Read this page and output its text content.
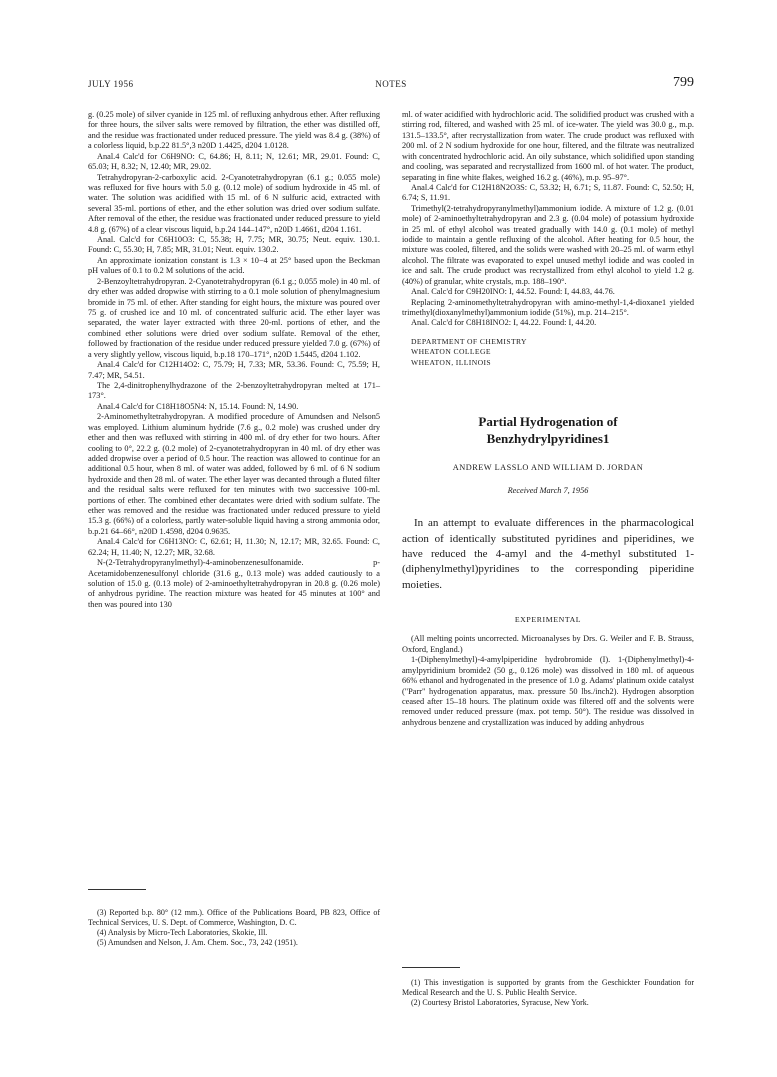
JULY 1956	NOTES	799

g. (0.25 mole) of silver cyanide in 125 ml. of refluxing anhydrous ether. After refluxing for three hours, the silver salts were removed by filtration, the ether was distilled off, and the residue was fractionated under reduced pressure. The yield was 8.4 g. (38%) of a colorless liquid, b.p.22 81.5°,3 n20D 1.4425, d204 1.0128.

Anal.4 Calc'd for C6H9NO: C, 64.86; H, 8.11; N, 12.61; MR, 29.01. Found: C, 65.03; H, 8.32; N, 12.40; MR, 29.02.

Tetrahydropyran-2-carboxylic acid. 2-Cyanotetrahydropyran (6.1 g.; 0.055 mole) was refluxed for five hours with 5.0 g. (0.12 mole) of sodium hydroxide in 45 ml. of water. The solution was acidified with 15 ml. of 6 N sulfuric acid, extracted with several 35-ml. portions of ether, and the ether solution was dried over sodium sulfate. After removal of the ether, the residue was fractionated under reduced pressure to yield 4.8 g. (67%) of a clear viscous liquid, b.p.24 144–147°, n20D 1.4661, d204 1.161.

Anal. Calc'd for C6H10O3: C, 55.38; H, 7.75; MR, 30.75; Neut. equiv. 130.1. Found: C, 55.30; H, 7.85; MR, 31.01; Neut. equiv. 130.2.

An approximate ionization constant is 1.3 × 10−4 at 25° based upon the Beckman pH values of 0.1 to 0.2 M solutions of the acid.

2-Benzoyltetrahydropyran. 2-Cyanotetrahydropyran (6.1 g.; 0.055 mole) in 40 ml. of dry ether was added dropwise with stirring to a 0.1 mole solution of phenylmagnesium bromide in 75 ml. of ether. After standing for eight hours, the mixture was poured over 75 g. of crushed ice and 10 ml. of concentrated sulfuric acid. The ether layer was separated, the water layer extracted with three 20-ml. portions of ether, and the combined ether solutions were dried over sodium sulfate. Removal of the ether, followed by fractionation of the residue under reduced pressure yielded 7.0 g. (67%) of a very slightly yellow, viscous liquid, b.p.18 170–171°, n20D 1.5445, d204 1.102.

Anal.4 Calc'd for C12H14O2: C, 75.79; H, 7.33; MR, 53.36. Found: C, 75.59; H, 7.47; MR, 54.51.

The 2,4-dinitrophenylhydrazone of the 2-benzoyltetrahydropyran melted at 171–173°.

Anal.4 Calc'd for C18H18O5N4: N, 15.14. Found: N, 14.90.

2-Aminomethyltetrahydropyran. A modified procedure of Amundsen and Nelson5 was employed. Lithium aluminum hydride (7.6 g., 0.2 mole) was crushed under dry ether and then was refluxed with stirring in 400 ml. of dry ether for two hours. After cooling to 0°, 22.2 g. (0.2 mole) of 2-cyanotetrahydropyran in 40 ml. of dry ether was added dropwise over a period of 0.5 hour. The reaction was allowed to continue for an additional 0.5 hour, when 8 ml. of water was added, followed by 6 ml. of 6 N sodium hydroxide and then 28 ml. of water. The ether layer was decanted through a fluted filter and the residual salts were refluxed for ten minutes with two successive 100-ml. portions of ether. The combined ether decantates were dried with sodium sulfate. The ether was removed and the residue was fractionated under reduced pressure to yield 15.3 g. (66%) of a colorless, partly water-soluble liquid having a strong ammonia odor, b.p.21 64–66°, n20D 1.4598, d204 0.9635.

Anal.4 Calc'd for C6H13NO: C, 62.61; H, 11.30; N, 12.17; MR, 32.65. Found: C, 62.24; H, 11.40; N, 12.27; MR, 32.68.

N-(2-Tetrahydropyranylmethyl)-4-aminobenzenesulfonamide. p-Acetamidobenzenesulfonyl chloride (31.6 g., 0.13 mole) was added cautiously to a solution of 15.0 g. (0.13 mole) of 2-aminoethyltetrahydropyran in 20.8 g. (0.26 mole) of anhydrous pyridine. The reaction mixture was heated for 45 minutes at 100° and then was poured into 130

(3) Reported b.p. 80° (12 mm.). Office of the Publications Board, PB 823, Office of Technical Services, U. S. Dept. of Commerce, Washington, D. C.

(4) Analysis by Micro-Tech Laboratories, Skokie, Ill.

(5) Amundsen and Nelson, J. Am. Chem. Soc., 73, 242 (1951).

ml. of water acidified with hydrochloric acid. The solidified product was crushed with a stirring rod, filtered, and washed with 25 ml. of ice-water. The yield was 30.0 g., m.p. 131.5–133.5°, after recrystallization from water. The crude product was refluxed with 200 ml. of 2 N sodium hydroxide for one hour, filtered, and the filtrate was neutralized with concentrated hydrochloric acid. An oily substance, which solidified upon standing and cooling, was separated and recrystallized from 1600 ml. of hot water. The product, separating in fine white flakes, weighed 16.2 g. (46%), m.p. 95–97°.

Anal.4 Calc'd for C12H18N2O3S: C, 53.32; H, 6.71; S, 11.87. Found: C, 52.50; H, 6.74; S, 11.91.

Trimethyl(2-tetrahydropyranylmethyl)ammonium iodide. A mixture of 1.2 g. (0.01 mole) of 2-aminoethyltetrahydropyran and 2.3 g. (0.04 mole) of potassium hydroxide in 25 ml. of ethyl alcohol was treated gradually with 14.0 g. (0.1 mole) of methyl iodide to maintain a gentle refluxing of the alcohol. After heating for 0.5 hour, the mixture was cooled, filtered, and the solids were washed with 20–25 ml. of warm ethyl alcohol. The filtrate was evaporated to expel unused methyl iodide and was cooled in ice and salt. The crude product was recrystallized from ethyl alcohol to yield 1.2 g. (40%) of granular, white crystals, m.p. 188–190°.

Anal. Calc'd for C9H20INO: I, 44.52. Found: I, 44.83, 44.76.

Replacing 2-aminomethyltetrahydropyran with amino-methyl-1,4-dioxane1 yielded trimethyl(dioxanylmethyl)ammonium iodide (51%), m.p. 214–215°.

Anal. Calc'd for C8H18INO2: I, 44.22. Found: I, 44.20.

DEPARTMENT OF CHEMISTRY
WHEATON COLLEGE
WHEATON, ILLINOIS
Partial Hydrogenation of
Benzhydrylpyridines1
ANDREW LASSLO AND WILLIAM D. JORDAN
Received March 7, 1956

In an attempt to evaluate differences in the pharmacological action of identically substituted pyridines and piperidines, we have reduced the 4-amyl and the 4-methyl substituted 1-(diphenylmethyl)pyridines to the corresponding piperidine moieties.

EXPERIMENTAL

(All melting points uncorrected. Microanalyses by Drs. G. Weiler and F. B. Strauss, Oxford, England.)

1-(Diphenylmethyl)-4-amylpiperidine hydrobromide (I). 1-(Diphenylmethyl)-4-amylpyridinium bromide2 (50 g., 0.126 mole) was dissolved in 180 ml. of aqueous 66% ethanol and hydrogenated in the presence of 1.0 g. Adams' platinum oxide catalyst ("Parr" hydrogenation apparatus, max. pressure 50 lbs./inch2). Hydrogen absorption ceased after 15–18 hours. The platinum oxide was filtered off and the solvents were removed under reduced pressure (max. pot temp. 50°). The residue was dissolved in anhydrous benzene and crystallization was induced by adding anhydrous

(1) This investigation is supported by grants from the Geschickter Foundation for Medical Research and the U. S. Public Health Service.

(2) Courtesy Bristol Laboratories, Syracuse, New York.
